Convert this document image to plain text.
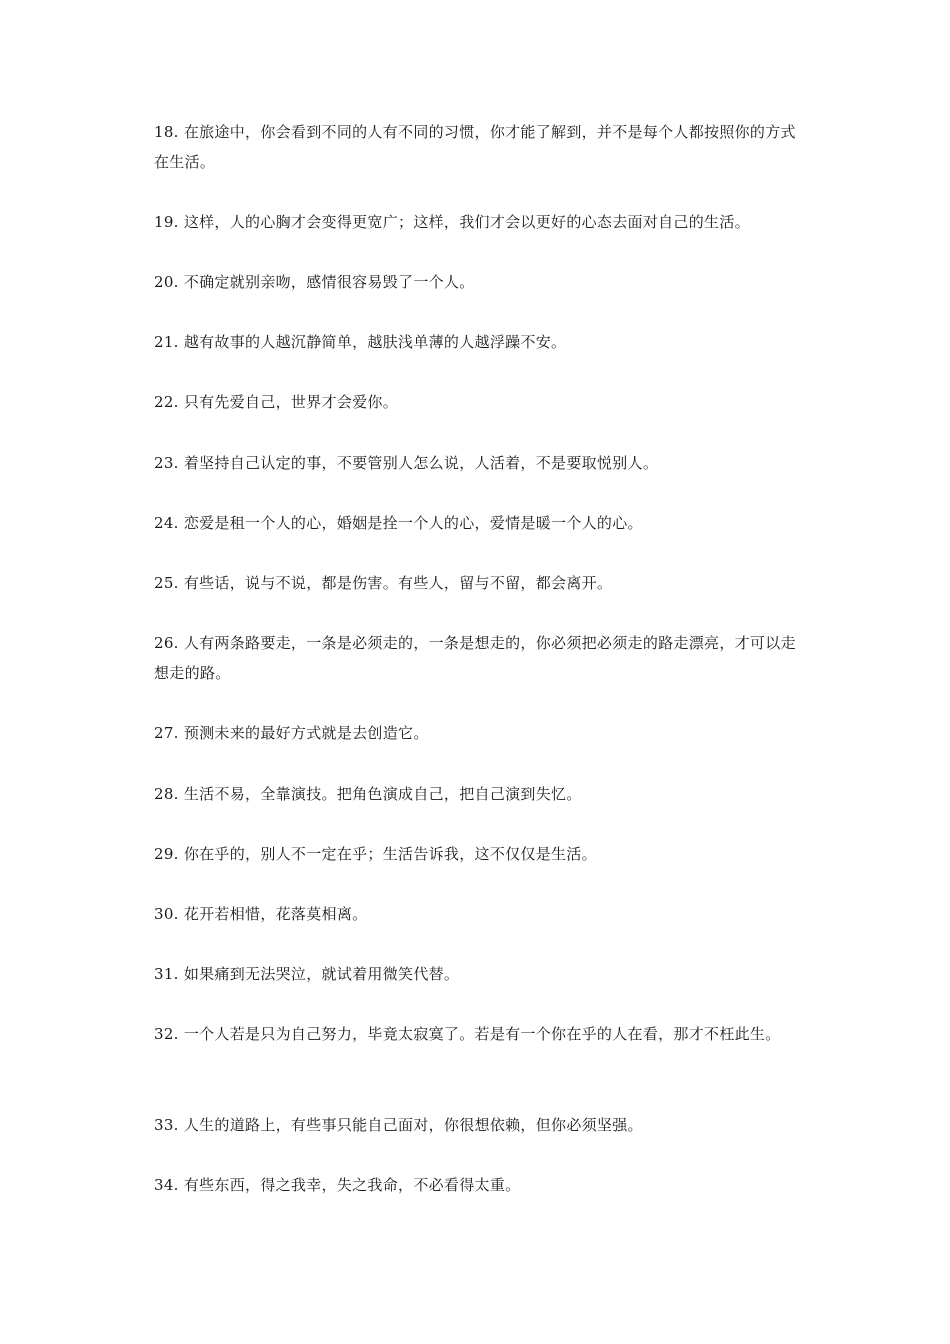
18. 在旅途中，你会看到不同的人有不同的习惯，你才能了解到，并不是每个人都按照你的方式在生活。

19. 这样，人的心胸才会变得更宽广；这样，我们才会以更好的心态去面对自己的生活。

20. 不确定就别亲吻，感情很容易毁了一个人。

21. 越有故事的人越沉静简单，越肤浅单薄的人越浮躁不安。

22. 只有先爱自己，世界才会爱你。

23. 着坚持自己认定的事，不要管别人怎么说，人活着，不是要取悦别人。

24. 恋爱是租一个人的心，婚姻是拴一个人的心，爱情是暖一个人的心。

25. 有些话，说与不说，都是伤害。有些人，留与不留，都会离开。

26. 人有两条路要走，一条是必须走的，一条是想走的，你必须把必须走的路走漂亮，才可以走想走的路。

27. 预测未来的最好方式就是去创造它。

28. 生活不易，全靠演技。把角色演成自己，把自己演到失忆。

29. 你在乎的，别人不一定在乎；生活告诉我，这不仅仅是生活。

30. 花开若相惜，花落莫相离。

31. 如果痛到无法哭泣，就试着用微笑代替。

32. 一个人若是只为自己努力，毕竟太寂寞了。若是有一个你在乎的人在看，那才不枉此生。

33. 人生的道路上，有些事只能自己面对，你很想依赖，但你必须坚强。

34. 有些东西，得之我幸，失之我命，不必看得太重。
